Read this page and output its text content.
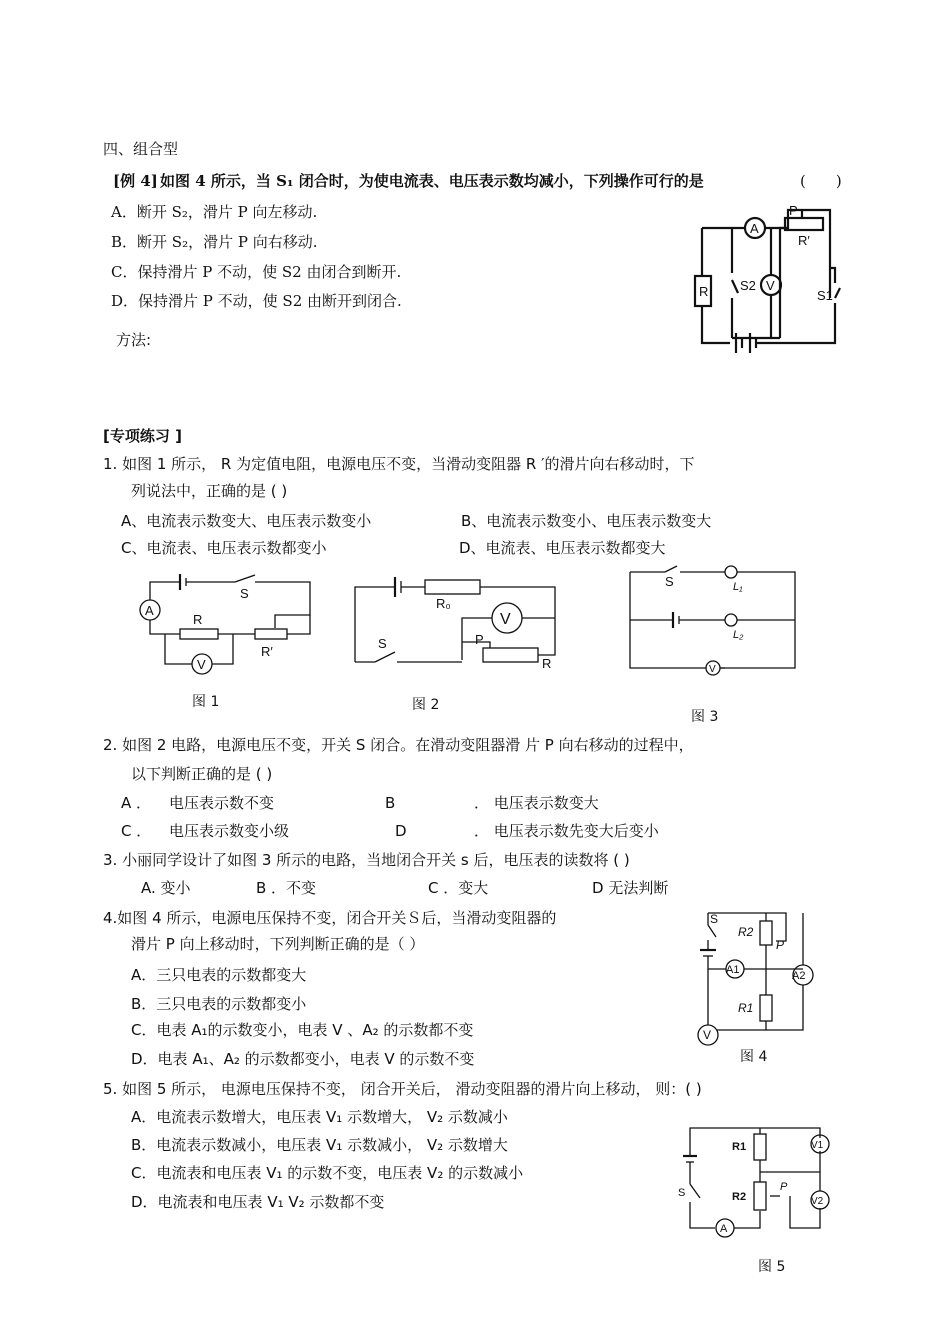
四、组合型
[例 4] 如图 4 所示，当 S₁ 闭合时，为使电流表、电压表示数均减小，下列操作可行的是	(　　)
A．断开 S₂，滑片 P 向左移动.
B．断开 S₂，滑片 P 向右移动.
C．保持滑片 P 不动，使 S2 由闭合到断开.
D．保持滑片 P 不动，使 S2 由断开到闭合.
方法:
A
P
R′
R S2 V
S1
[专项练习 ]
1. 如图 1 所示， R 为定值电阻，电源电压不变，当滑动变阻器 R ′的滑片向右移动时，下
列说法中，正确的是 ( )
A、电流表示数变大、电压表示数变小	B、电流表示数变小、电压表示数变大
C、电流表、电压表示数都变小	D、电流表、电压表示数都变大
S
A
R
R′
V
图 1
R₀
V
R
P
S
图 2
S	L₁
L₂
V
图 3
2. 如图 2 电路，电源电压不变，开关 S 闭合。在滑动变阻器滑 片 P 向右移动的过程中，
以下判断正确的是 ( )
A ． 电压表示数不变	B	． 电压表示数变大
C ． 电压表示数变小级	D	． 电压表示数先变大后变小
3. 小丽同学设计了如图 3 所示的电路，当地闭合开关 s 后，电压表的读数将 ( )
A. 变小	B ．不变	C ．变大	D 无法判断
4.如图 4 所示，电源电压保持不变，闭合开关Ｓ后，当滑动变阻器的
滑片 P 向上移动时，下列判断正确的是（ ）
A．三只电表的示数都变大
B．三只电表的示数都变小
C．电表 A₁的示数变小，电表 V 、A₂ 的示数都不变
D．电表 A₁、A₂ 的示数都变小，电表 V 的示数不变
S
A1
R2
P
R1
A2
V
图 4
5. 如图 5 所示， 电源电压保持不变， 闭合开关后， 滑动变阻器的滑片向上移动， 则：( )
A．电流表示数增大，电压表 V₁ 示数增大， V₂ 示数减小
B．电流表示数减小，电压表 V₁ 示数减小， V₂ 示数增大
C．电流表和电压表 V₁ 的示数不变，电压表 V₂ 的示数减小
D．电流表和电压表 V₁ V₂ 示数都不变	S
A
R1
R2
V1
P
V2
图 5
